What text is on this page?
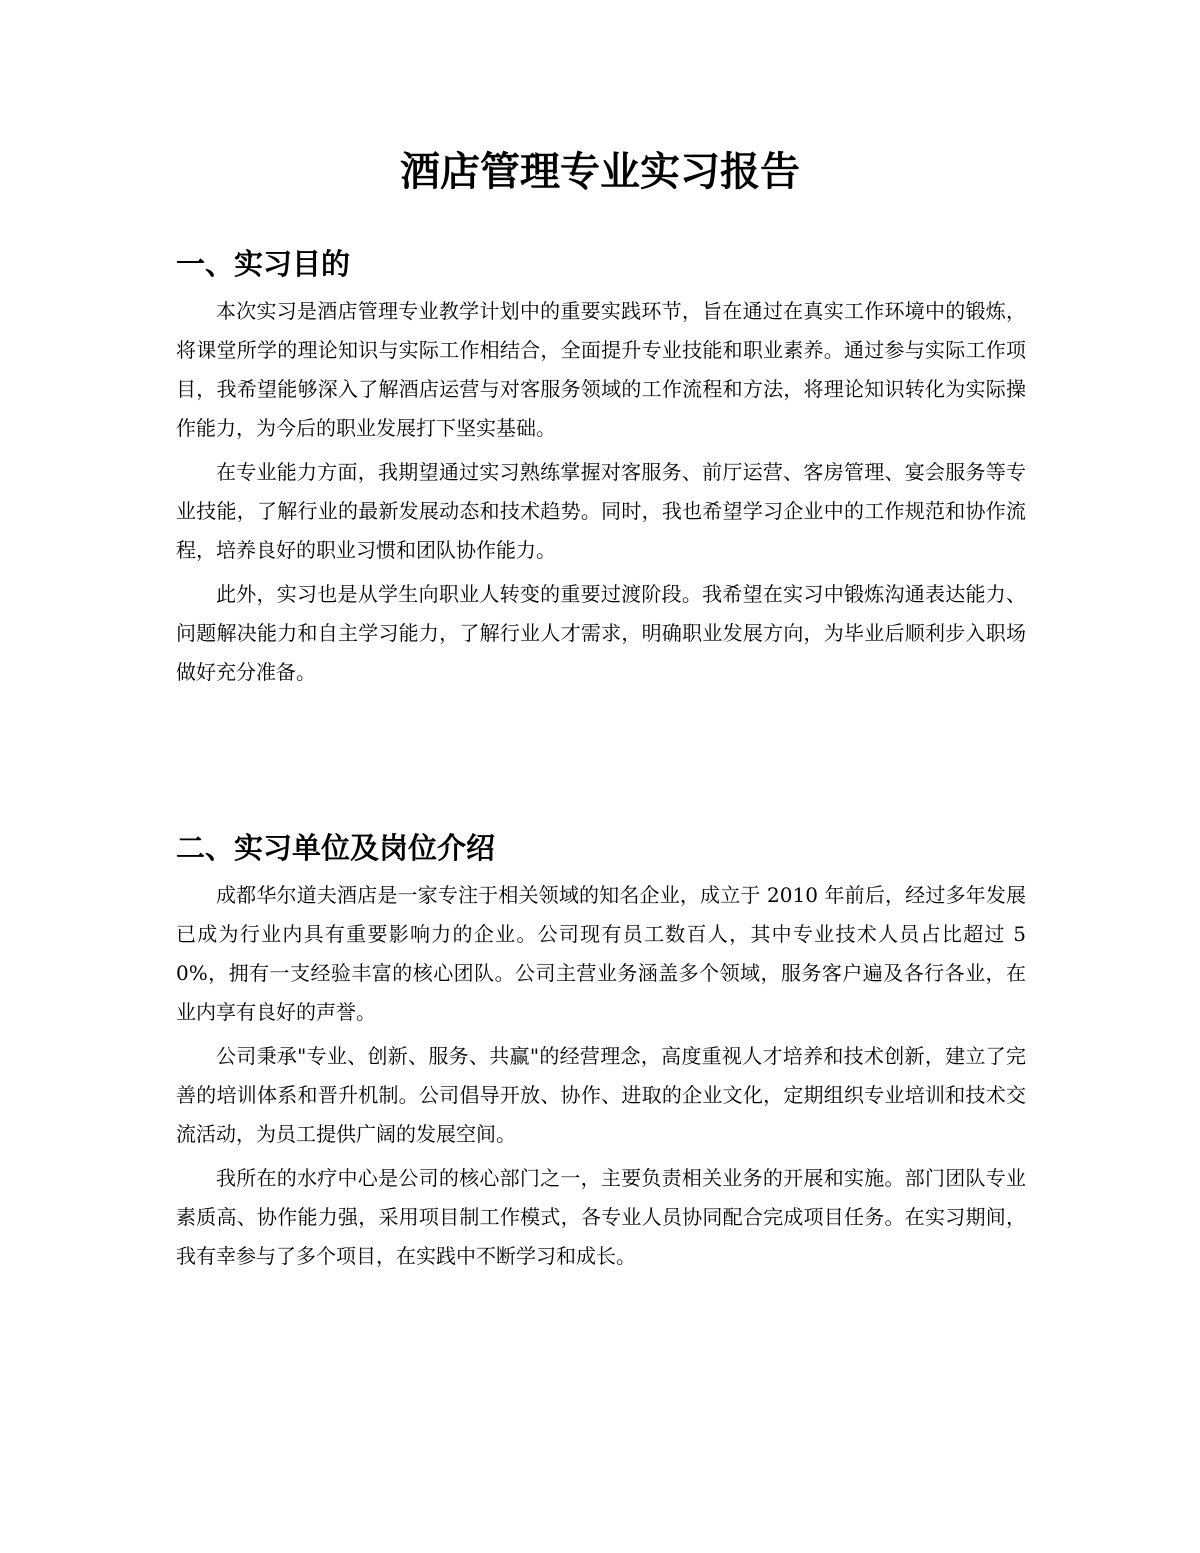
酒店管理专业实习报告
一、实习目的

本次实习是酒店管理专业教学计划中的重要实践环节，旨在通过在真实工作环境中的锻炼，将课堂所学的理论知识与实际工作相结合，全面提升专业技能和职业素养。通过参与实际工作项目，我希望能够深入了解酒店运营与对客服务领域的工作流程和方法，将理论知识转化为实际操作能力，为今后的职业发展打下坚实基础。

在专业能力方面，我期望通过实习熟练掌握对客服务、前厅运营、客房管理、宴会服务等专业技能，了解行业的最新发展动态和技术趋势。同时，我也希望学习企业中的工作规范和协作流程，培养良好的职业习惯和团队协作能力。

此外，实习也是从学生向职业人转变的重要过渡阶段。我希望在实习中锻炼沟通表达能力、问题解决能力和自主学习能力，了解行业人才需求，明确职业发展方向，为毕业后顺利步入职场做好充分准备。

二、实习单位及岗位介绍

成都华尔道夫酒店是一家专注于相关领域的知名企业，成立于 2010 年前后，经过多年发展已成为行业内具有重要影响力的企业。公司现有员工数百人，其中专业技术人员占比超过 50%，拥有一支经验丰富的核心团队。公司主营业务涵盖多个领域，服务客户遍及各行各业，在业内享有良好的声誉。

公司秉承"专业、创新、服务、共赢"的经营理念，高度重视人才培养和技术创新，建立了完善的培训体系和晋升机制。公司倡导开放、协作、进取的企业文化，定期组织专业培训和技术交流活动，为员工提供广阔的发展空间。

我所在的水疗中心是公司的核心部门之一，主要负责相关业务的开展和实施。部门团队专业素质高、协作能力强，采用项目制工作模式，各专业人员协同配合完成项目任务。在实习期间，我有幸参与了多个项目，在实践中不断学习和成长。
